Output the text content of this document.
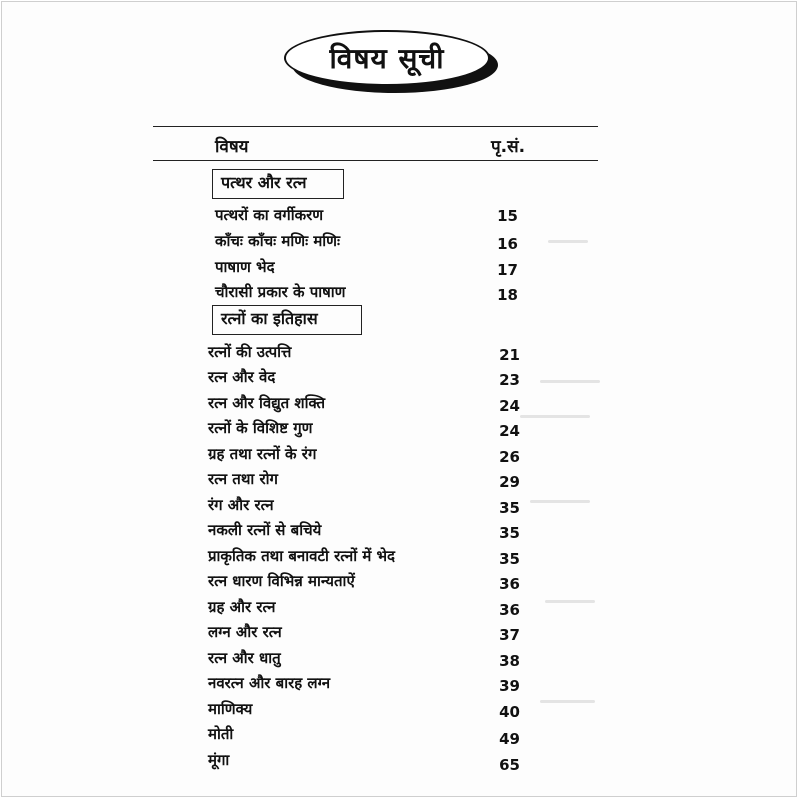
विषय सूची
विषय	पृ.सं.
पत्थर और रत्न
पत्थरों का वर्गीकरण	15
काँचः काँचः मणिः मणिः	16
पाषाण भेद	17
चौरासी प्रकार के पाषाण	18
रत्नों का इतिहास
रत्नों की उत्पत्ति	21
रत्न और वेद	23
रत्न और विद्युत शक्ति	24
रत्नों के विशिष्ट गुण	24
ग्रह तथा रत्नों के रंग	26
रत्न तथा रोग	29
रंग और रत्न	35
नकली रत्नों से बचिये	35
प्राकृतिक तथा बनावटी रत्नों में भेद	35
रत्न धारण विभिन्न मान्यताऐं	36
ग्रह और रत्न	36
लग्न और रत्न	37
रत्न और धातु	38
नवरत्न और बारह लग्न	39
माणिक्य	40
मोती	49
मूंगा	65
